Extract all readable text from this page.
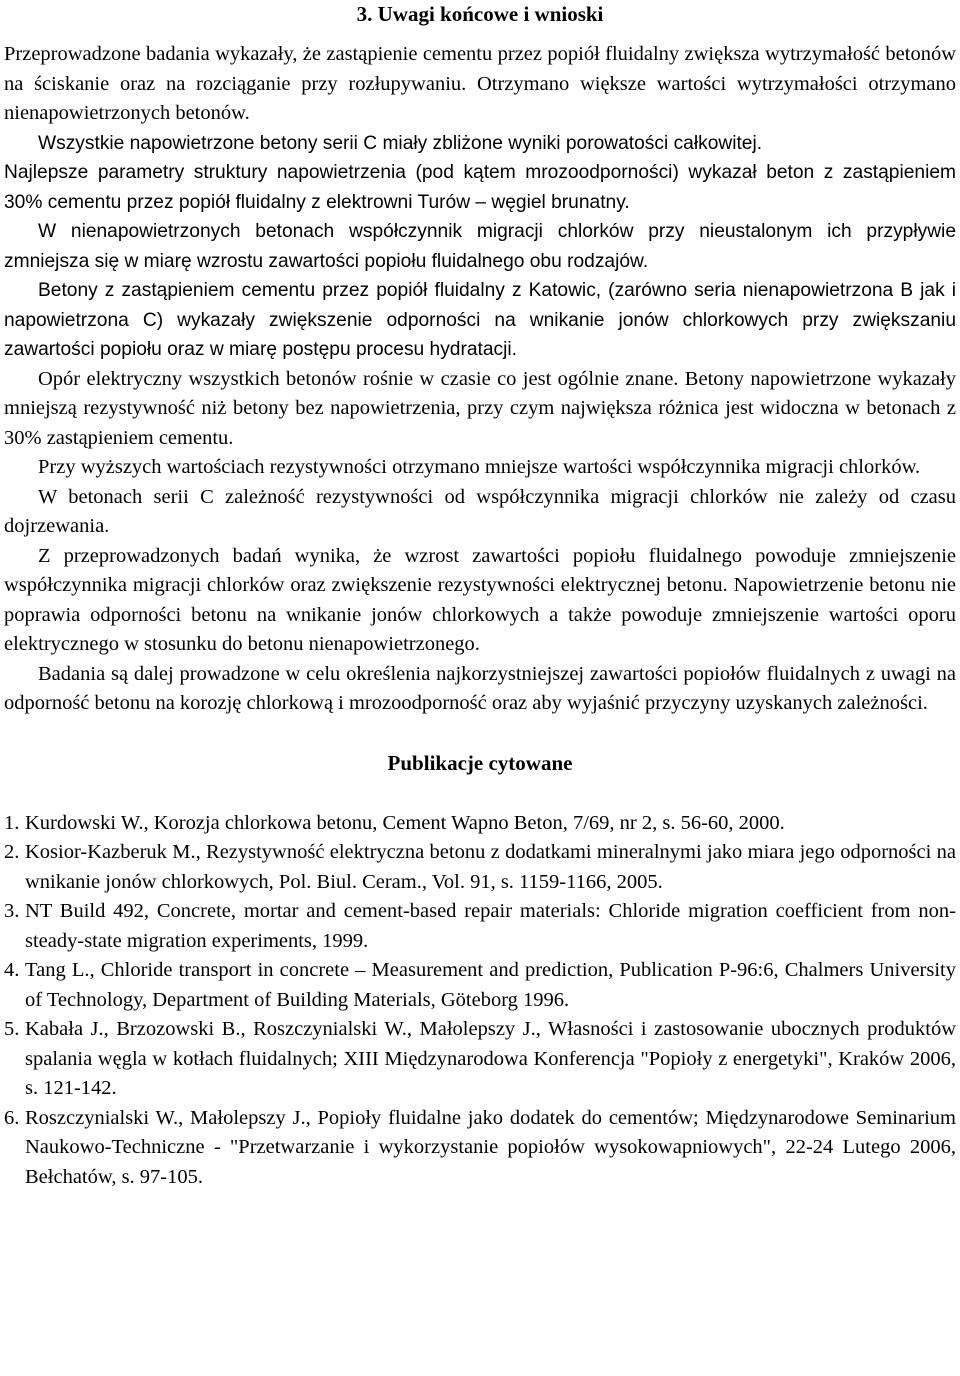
3. Uwagi końcowe i wnioski

Przeprowadzone badania wykazały, że zastąpienie cementu przez popiół fluidalny zwiększa wytrzymałość betonów na ściskanie oraz na rozciąganie przy rozłupywaniu. Otrzymano większe wartości wytrzymałości otrzymano nienapowietrzonych betonów.

Wszystkie napowietrzone betony serii C miały zbliżone wyniki porowatości całkowitej.

Najlepsze parametry struktury napowietrzenia (pod kątem mrozoodporności) wykazał beton z zastąpieniem 30% cementu przez popiół fluidalny z elektrowni Turów – węgiel brunatny.

W nienapowietrzonych betonach współczynnik migracji chlorków przy nieustalonym ich przypływie zmniejsza się w miarę wzrostu zawartości popiołu fluidalnego obu rodzajów.

Betony z zastąpieniem cementu przez popiół fluidalny z Katowic, (zarówno seria nienapowietrzona B jak i napowietrzona C) wykazały zwiększenie odporności na wnikanie jonów chlorkowych przy zwiększaniu zawartości popiołu oraz w miarę postępu procesu hydratacji.

Opór elektryczny wszystkich betonów rośnie w czasie co jest ogólnie znane. Betony napowietrzone wykazały mniejszą rezystywność niż betony bez napowietrzenia, przy czym największa różnica jest widoczna w betonach z 30% zastąpieniem cementu.

Przy wyższych wartościach rezystywności otrzymano mniejsze wartości współczynnika migracji chlorków.

W betonach serii C zależność rezystywności od współczynnika migracji chlorków nie zależy od czasu dojrzewania.

Z przeprowadzonych badań wynika, że wzrost zawartości popiołu fluidalnego powoduje zmniejszenie współczynnika migracji chlorków oraz zwiększenie rezystywności elektrycznej betonu. Napowietrzenie betonu nie poprawia odporności betonu na wnikanie jonów chlorkowych a także powoduje zmniejszenie wartości oporu elektrycznego w stosunku do betonu nienapowietrzonego.

Badania są dalej prowadzone w celu określenia najkorzystniejszej zawartości popiołów fluidalnych z uwagi na odporność betonu na korozję chlorkową i mrozoodporność oraz aby wyjaśnić przyczyny uzyskanych zależności.

Publikacje cytowane
1. Kurdowski W., Korozja chlorkowa betonu, Cement Wapno Beton, 7/69, nr 2, s. 56-60, 2000.
2. Kosior-Kazberuk M., Rezystywność elektryczna betonu z dodatkami mineralnymi jako miara jego odporności na wnikanie jonów chlorkowych, Pol. Biul. Ceram., Vol. 91, s. 1159-1166, 2005.
3. NT Build 492, Concrete, mortar and cement-based repair materials: Chloride migration coefficient from non-steady-state migration experiments, 1999.
4. Tang L., Chloride transport in concrete – Measurement and prediction, Publication P-96:6, Chalmers University of Technology, Department of Building Materials, Göteborg 1996.
5. Kabała J., Brzozowski B., Roszczynialski W., Małolepszy J., Własności i zastosowanie ubocznych produktów spalania węgla w kotłach fluidalnych; XIII Międzynarodowa Konferencja "Popioły z energetyki", Kraków 2006, s. 121-142.
6. Roszczynialski W., Małolepszy J., Popioły fluidalne jako dodatek do cementów; Międzynarodowe Seminarium Naukowo-Techniczne - "Przetwarzanie i wykorzystanie popiołów wysokowapniowych", 22-24 Lutego 2006, Bełchatów, s. 97-105.
